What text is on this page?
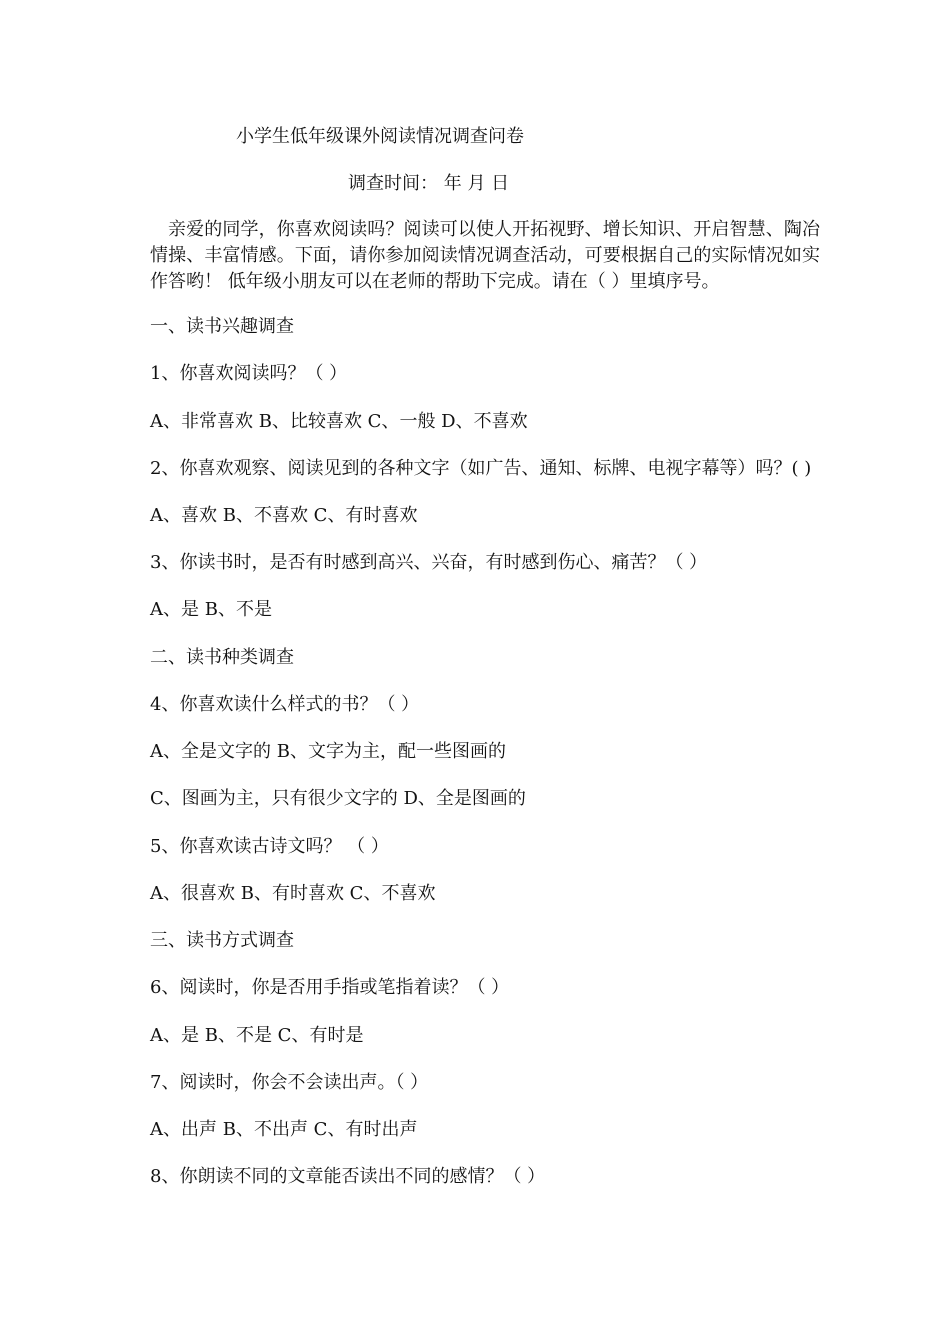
小学生低年级课外阅读情况调查问卷
调查时间： 年 月 日

亲爱的同学，你喜欢阅读吗？阅读可以使人开拓视野、增长知识、开启智慧、陶冶情操、丰富情感。下面，请你参加阅读情况调查活动，可要根据自己的实际情况如实作答哟！ 低年级小朋友可以在老师的帮助下完成。请在（ ）里填序号。

一、读书兴趣调查
1、你喜欢阅读吗？（ ）
A、非常喜欢 B、比较喜欢 C、一般 D、不喜欢
2、你喜欢观察、阅读见到的各种文字（如广告、通知、标牌、电视字幕等）吗？( )
A、喜欢 B、不喜欢 C、有时喜欢
3、你读书时，是否有时感到高兴、兴奋，有时感到伤心、痛苦？（ ）
A、是 B、不是
二、读书种类调查
4、你喜欢读什么样式的书？（ ）
A、全是文字的 B、文字为主，配一些图画的
C、图画为主，只有很少文字的 D、全是图画的
5、你喜欢读古诗文吗？ （ ）
A、很喜欢 B、有时喜欢 C、不喜欢
三、读书方式调查
6、阅读时，你是否用手指或笔指着读？（ ）
A、是 B、不是 C、有时是
7、阅读时，你会不会读出声。（ ）
A、出声 B、不出声 C、有时出声
8、你朗读不同的文章能否读出不同的感情？（ ）
